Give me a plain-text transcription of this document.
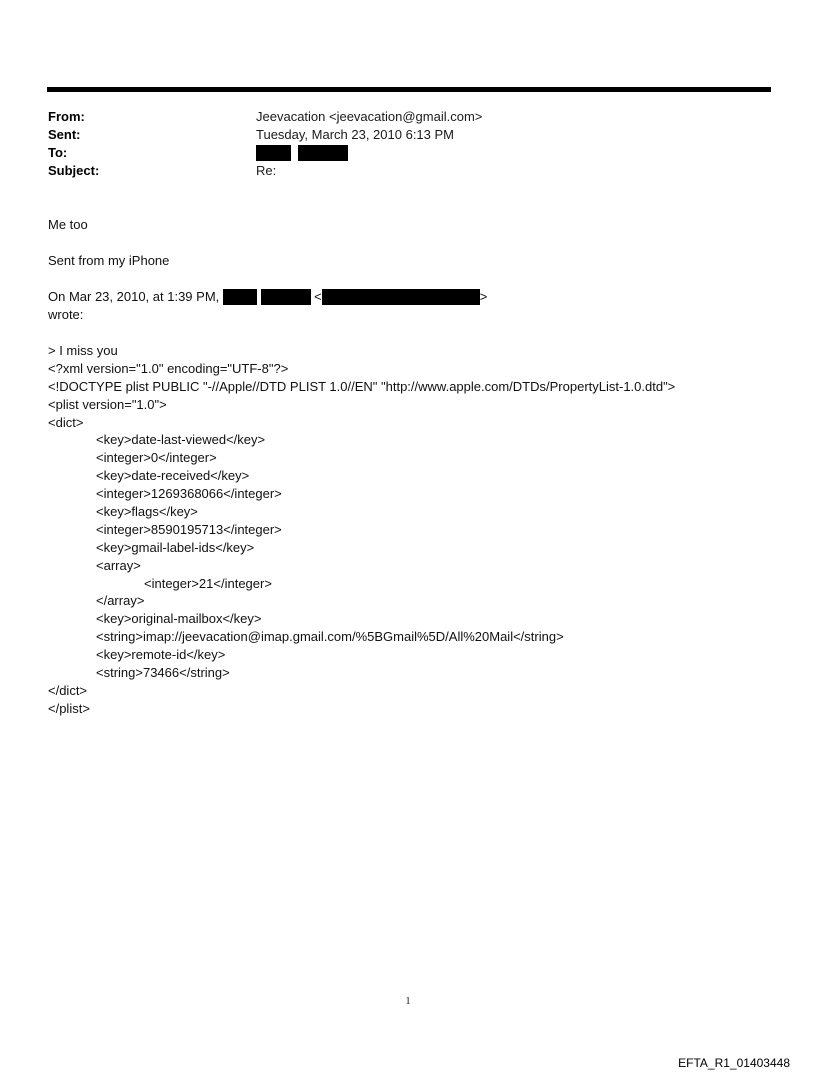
From:	Jeevacation <jeevacation@gmail.com>
Sent:	Tuesday, March 23, 2010 6:13 PM
To:

Subject:	Re:
Me too
Sent from my iPhone
On Mar 23, 2010, at 1:39 PM,	<	>
wrote:
> I miss you
<?xml version="1.0" encoding="UTF-8"?>
<!DOCTYPE plist PUBLIC "-//Apple//DTD PLIST 1.0//EN" "http://www.apple.com/DTDs/PropertyList-1.0.dtd">
<plist version="1.0">
<dict>
<key>date-last-viewed</key>
<integer>0</integer>
<key>date-received</key>
<integer>1269368066</integer>
<key>flags</key>
<integer>8590195713</integer>
<key>gmail-label-ids</key>
<array>
<integer>21</integer>
</array>
<key>original-mailbox</key>
<string>imap://jeevacation@imap.gmail.com/%5BGmail%5D/All%20Mail</string>
<key>remote-id</key>
<string>73466</string>
</dict>
</plist>
1
EFTA_R1_01403448
